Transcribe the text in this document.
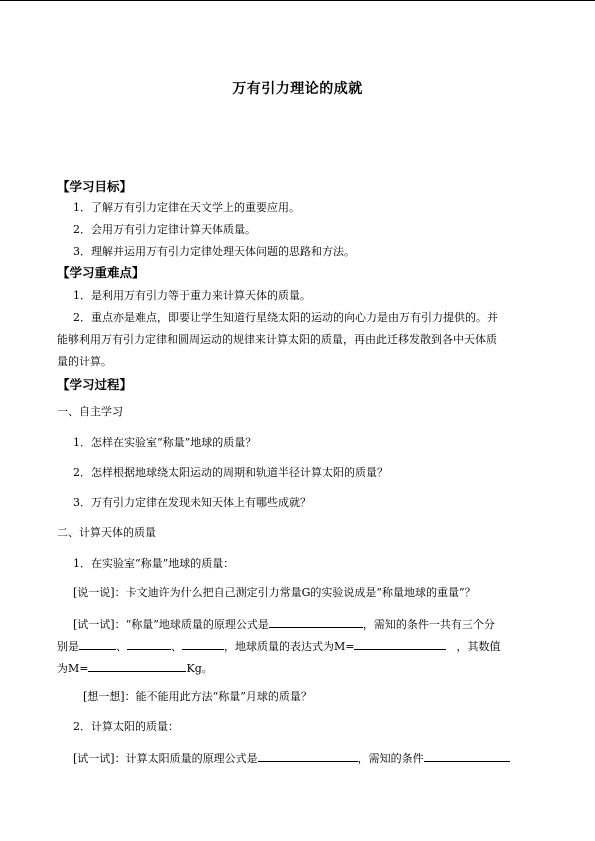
万有引力理论的成就
【学习目标】
1．了解万有引力定律在天文学上的重要应用。
2．会用万有引力定律计算天体质量。
3．理解并运用万有引力定律处理天体问题的思路和方法。
【学习重难点】
1．是利用万有引力等于重力来计算天体的质量。
2．重点亦是难点，即要让学生知道行星绕太阳的运动的向心力是由万有引力提供的。并
能够利用万有引力定律和圆周运动的规律来计算太阳的质量，再由此迁移发散到各中天体质
量的计算。
【学习过程】
一、自主学习
1．怎样在实验室“称量”地球的质量？
2．怎样根据地球绕太阳运动的周期和轨道半径计算太阳的质量？
3．万有引力定律在发现未知天体上有哪些成就？
二、计算天体的质量
1．在实验室“称量”地球的质量：
[说一说]：卡文迪许为什么把自己测定引力常量G的实验说成是“称量地球的重量”？
[试一试]：“称量”地球质量的原理公式是	，需知的条件一共有三个分
别是	、	、	，地球质量的表达式为M=	，其数值
为M=	Kg。
[想一想]：能不能用此方法“称量”月球的质量？
2．计算太阳的质量：
[试一试]：计算太阳质量的原理公式是	，需知的条件
